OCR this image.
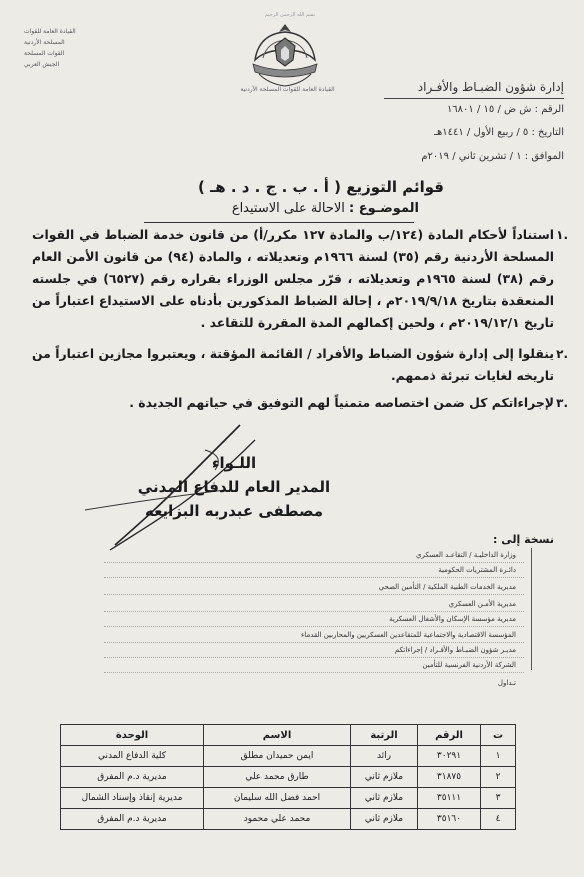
بسم الله الرحمن الرحيم
القيادة العامة للقوات
المسلحة الأردنية
القوات المسلحة
الجيش العربي
القيادة العامة للقوات المسلحة الأردنية	إدارة شؤون الضبـاط والأفـراد
الرقم : ش ض / ١٥ / ١٦٨٠١
التاريخ : ٥ / ربيع الأول / ١٤٤١هـ
الموافق : ١ / تشرين ثاني / ٢٠١٩م
قوائم التوزيع ( أ . ب . ج . د . هـ )
الموضـوع : الاحالة على الاستيداع
.١
استناداً لأحكام المادة (١٢٤/ب والمادة ١٢٧ مكرر/أ) من قانون خدمة الضباط في القوات المسلحة الأردنية رقم (٣٥) لسنة ١٩٦٦م وتعديلاته ، والمادة (٩٤) من قانون الأمن العام رقم (٣٨) لسنة ١٩٦٥م وتعديلاته ، قرّر مجلس الوزراء بقراره رقم (٦٥٢٧) في جلسته المنعقدة بتاريخ ٢٠١٩/٩/١٨م ، إحالة الضباط المذكورين بأدناه على الاستيداع اعتباراً من تاريخ ٢٠١٩/١٢/١م ، ولحين إكمالهم المدة المقررة للتقاعد .
.٢
ينقلوا إلى إدارة شؤون الضباط والأفراد / القائمة المؤقتة ، ويعتبروا مجازين اعتباراً من تاريخه لغايات تبرئة ذممهم.
.٣
لإجراءاتكم كل ضمن اختصاصه متمنياً لهم التوفيق في حياتهم الجديدة .
اللـواء
المدير العام للدفاع المدني
مصطفى عبدربه البزايعه
نسخة إلى :
وزارة الداخليـة / التقاعـد العسكري
دائـرة المشتريات الحكومية
مديرية الخدمات الطبية الملكية / التأمين الصحي
مديرية الأمـن العسكري
مديرية مؤسسة الإسكان والأشغال العسكرية
المؤسسة الاقتصادية والاجتماعية للمتقاعدين العسكريين والمحاربين القدماء
مديـر شؤون الضبـاط والأفـراد / إجراءاتكم
الشركة الأردنية الفرنسية للتأمين
تـداول
ت	الرقم	الرتبة	الاسم	الوحدة
١	٣٠٢٩١	رائد	ايمن حميدان مطلق	كلية الدفاع المدني
٢	٣١٨٧٥	ملازم ثاني	طارق محمد علي	مديرية د.م المفرق
٣	٣٥١١١	ملازم ثاني	احمد فضل الله سليمان	مديرية إنقاذ وإسناد الشمال
٤	٣٥١٦٠	ملازم ثاني	محمد علي محمود	مديرية د.م المفرق
